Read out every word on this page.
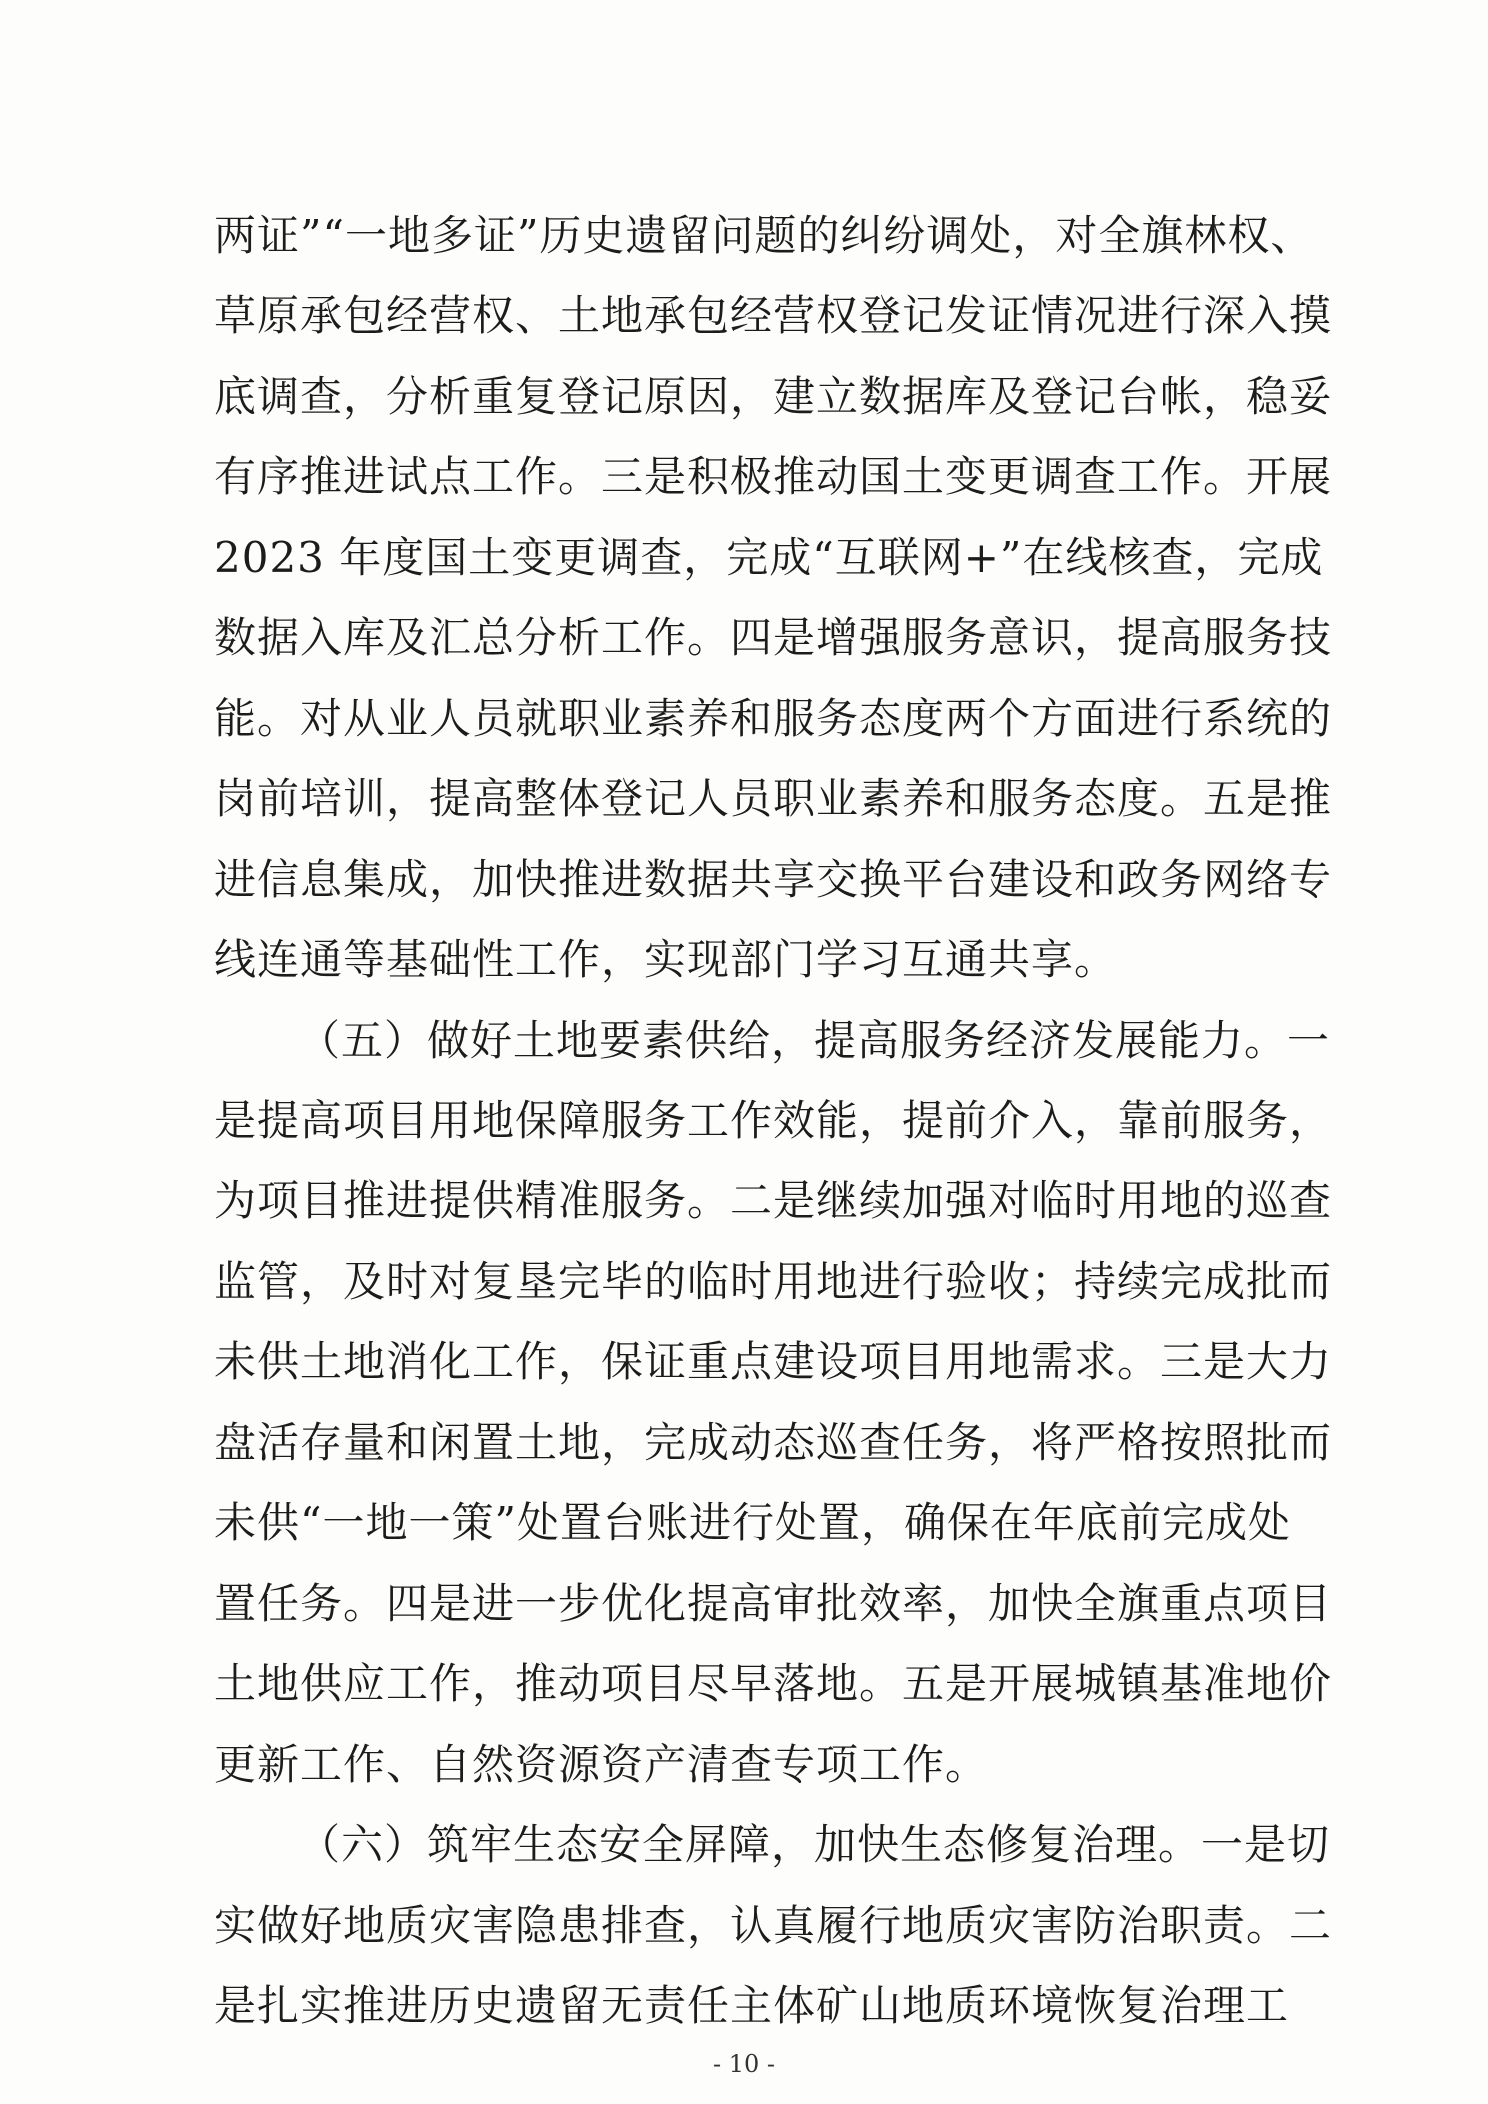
两证”“一地多证”历史遗留问题的纠纷调处，对全旗林权、
草原承包经营权、土地承包经营权登记发证情况进行深入摸
底调查，分析重复登记原因，建立数据库及登记台帐，稳妥
有序推进试点工作。三是积极推动国土变更调查工作。开展
2023 年度国土变更调查，完成“互联网+”在线核查，完成
数据入库及汇总分析工作。四是增强服务意识，提高服务技
能。对从业人员就职业素养和服务态度两个方面进行系统的
岗前培训，提高整体登记人员职业素养和服务态度。五是推
进信息集成，加快推进数据共享交换平台建设和政务网络专
线连通等基础性工作，实现部门学习互通共享。
（五）做好土地要素供给，提高服务经济发展能力。一
是提高项目用地保障服务工作效能，提前介入，靠前服务，
为项目推进提供精准服务。二是继续加强对临时用地的巡查
监管，及时对复垦完毕的临时用地进行验收；持续完成批而
未供土地消化工作，保证重点建设项目用地需求。三是大力
盘活存量和闲置土地，完成动态巡查任务，将严格按照批而
未供“一地一策”处置台账进行处置，确保在年底前完成处
置任务。四是进一步优化提高审批效率，加快全旗重点项目
土地供应工作，推动项目尽早落地。五是开展城镇基准地价
更新工作、自然资源资产清查专项工作。
（六）筑牢生态安全屏障，加快生态修复治理。一是切
实做好地质灾害隐患排查，认真履行地质灾害防治职责。二
是扎实推进历史遗留无责任主体矿山地质环境恢复治理工
- 10 -
